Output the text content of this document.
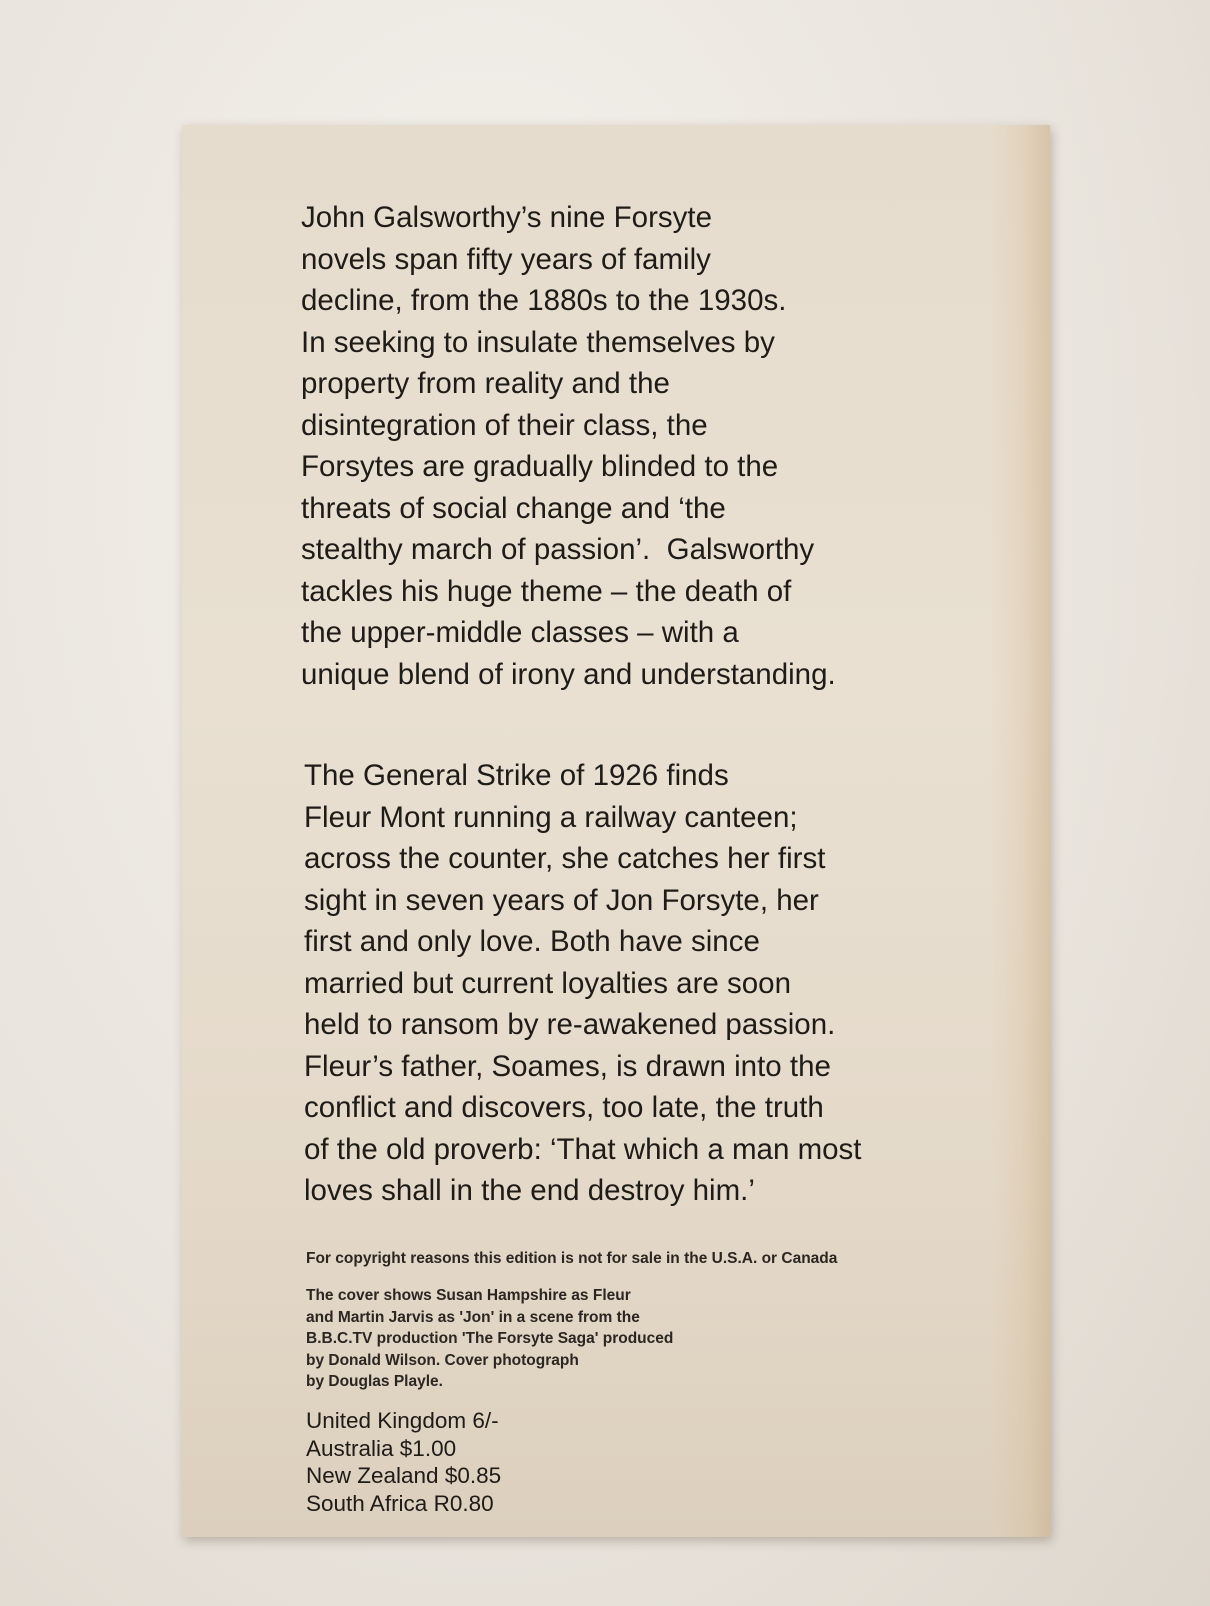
John Galsworthy’s nine Forsyte
novels span fifty years of family
decline, from the 1880s to the 1930s.
In seeking to insulate themselves by
property from reality and the
disintegration of their class, the
Forsytes are gradually blinded to the
threats of social change and ‘the
stealthy march of passion’.  Galsworthy
tackles his huge theme – the death of
the upper-middle classes – with a
unique blend of irony and understanding.
The General Strike of 1926 finds
Fleur Mont running a railway canteen;
across the counter, she catches her first
sight in seven years of Jon Forsyte, her
first and only love. Both have since
married but current loyalties are soon
held to ransom by re-awakened passion.
Fleur’s father, Soames, is drawn into the
conflict and discovers, too late, the truth
of the old proverb: ‘That which a man most
loves shall in the end destroy him.’
For copyright reasons this edition is not for sale in the U.S.A. or Canada
The cover shows Susan Hampshire as Fleur
and Martin Jarvis as 'Jon' in a scene from the
B.B.C.TV production 'The Forsyte Saga' produced
by Donald Wilson. Cover photograph
by Douglas Playle.
United Kingdom 6/-
Australia $1.00
New Zealand $0.85
South Africa R0.80
